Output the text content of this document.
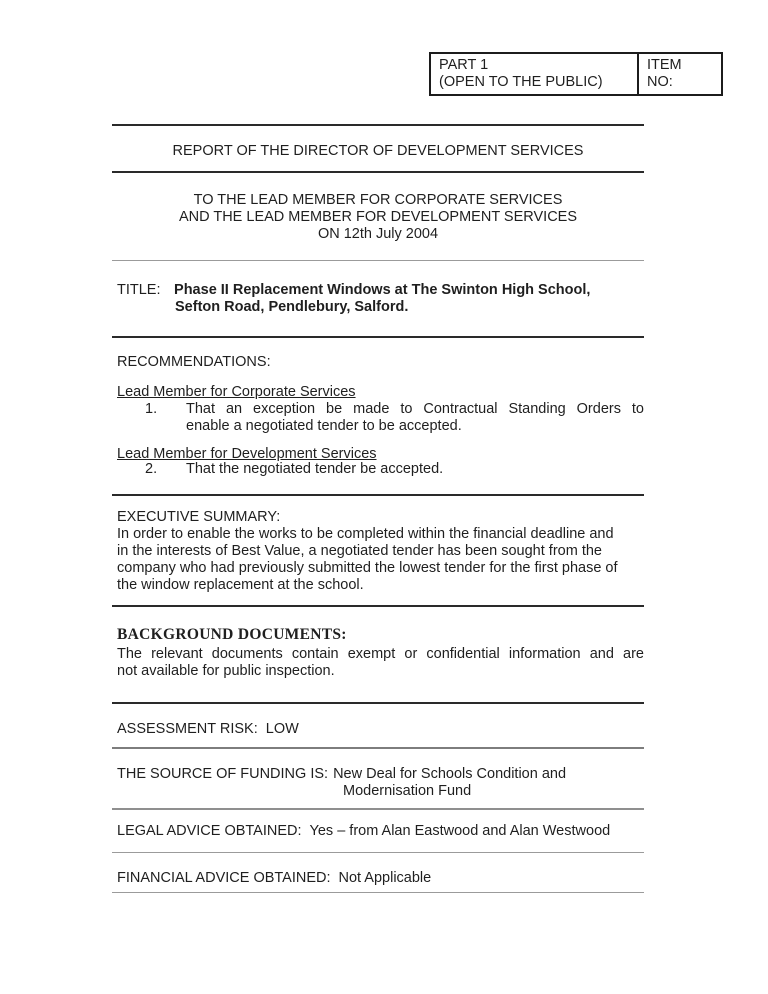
PART 1
(OPEN TO THE PUBLIC)
ITEM
NO:
REPORT OF THE DIRECTOR OF DEVELOPMENT SERVICES
TO THE LEAD MEMBER FOR CORPORATE SERVICES
AND THE LEAD MEMBER FOR DEVELOPMENT SERVICES
ON 12th July 2004
TITLE: Phase II Replacement Windows at The Swinton High School,
Sefton Road, Pendlebury, Salford.
RECOMMENDATIONS:
Lead Member for Corporate Services
1. That an exception be made to Contractual Standing Orders to
enable a negotiated tender to be accepted.
Lead Member for Development Services
2. That the negotiated tender be accepted.
EXECUTIVE SUMMARY:
In order to enable the works to be completed within the financial deadline and
in the interests of Best Value, a negotiated tender has been sought from the
company who had previously submitted the lowest tender for the first phase of
the window replacement at the school.
BACKGROUND DOCUMENTS:
The relevant documents contain exempt or confidential information and are
not available for public inspection.
ASSESSMENT RISK: LOW
THE SOURCE OF FUNDING IS: New Deal for Schools Condition and
Modernisation Fund
LEGAL ADVICE OBTAINED: Yes – from Alan Eastwood and Alan Westwood
FINANCIAL ADVICE OBTAINED: Not Applicable
